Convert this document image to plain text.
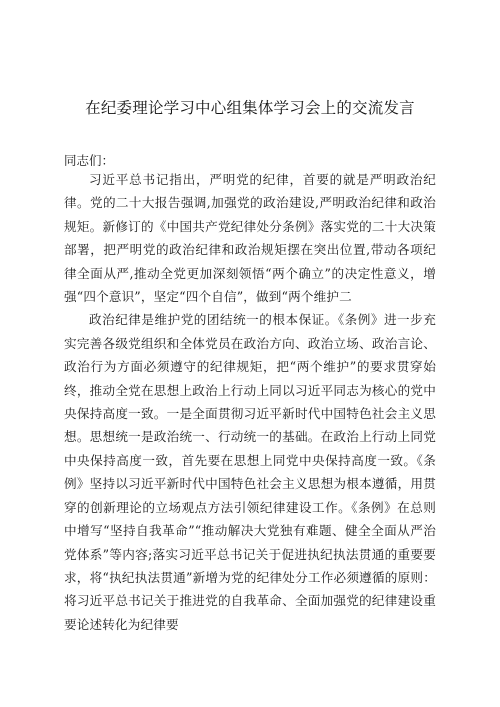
在纪委理论学习中心组集体学习会上的交流发言

同志们：

习近平总书记指出，严明党的纪律，首要的就是严明政治纪律。党的二十大报告强调,加强党的政治建设,严明政治纪律和政治规矩。新修订的《中国共产党纪律处分条例》落实党的二十大决策部署，把严明党的政治纪律和政治规矩摆在突出位置,带动各项纪律全面从严,推动全党更加深刻领悟“两个确立”的决定性意义，增强“四个意识”，坚定“四个自信”，做到“两个维护二

政治纪律是维护党的团结统一的根本保证。《条例》进一步充实完善各级党组织和全体党员在政治方向、政治立场、政治言论、政治行为方面必须遵守的纪律规矩，把“两个维护”的要求贯穿始终，推动全党在思想上政治上行动上同以习近平同志为核心的党中央保持高度一致。一是全面贯彻习近平新时代中国特色社会主义思想。思想统一是政治统一、行动统一的基础。在政治上行动上同党中央保持高度一致，首先要在思想上同党中央保持高度一致。《条例》坚持以习近平新时代中国特色社会主义思想为根本遵循，用贯穿的创新理论的立场观点方法引领纪律建设工作。《条例》在总则中增写“坚持自我革命”“推动解决大党独有难题、健全全面从严治党体系”等内容;落实习近平总书记关于促进执纪执法贯通的重要要求，将“执纪执法贯通”新增为党的纪律处分工作必须遵循的原则：将习近平总书记关于推进党的自我革命、全面加强党的纪律建设重要论述转化为纪律要
